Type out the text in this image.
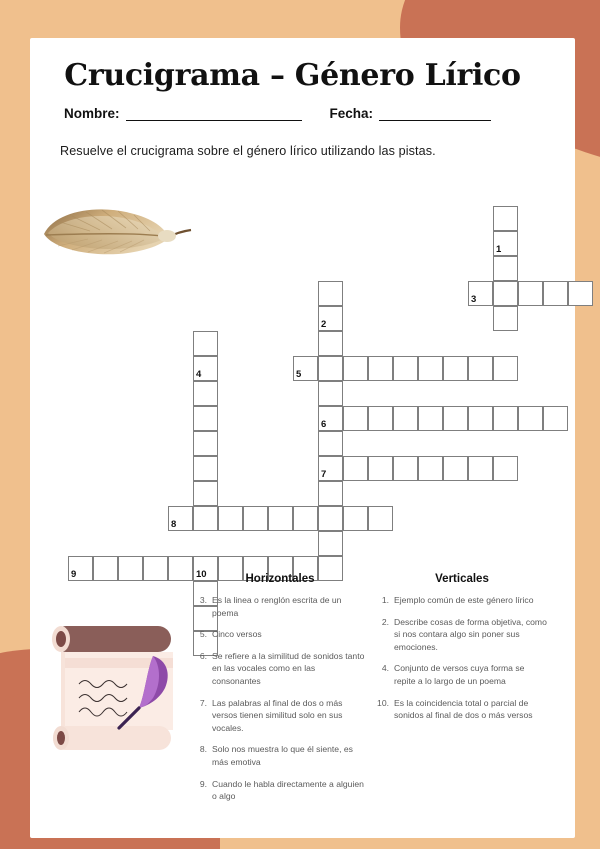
Crucigrama – Género Lírico
Nombre:	Fecha:
Resuelve el crucigrama sobre el género lírico utilizando las pistas.
1
3
2
5
4
6
7
8
9	10	Horizontales
3. Es la linea o renglón escrita de un poema
5. Cinco versos
6. Se refiere a la similitud de sonidos tanto en las vocales como en las consonantes
7. Las palabras al final de dos o más versos tienen similitud solo en sus vocales.
8. Solo nos muestra lo que él siente, es más emotiva
9. Cuando le habla directamente a alguien o algo
Verticales
1. Ejemplo común de este género lírico
2. Describe cosas de forma objetiva, como si nos contara algo sin poner sus emociones.
4. Conjunto de versos cuya forma se repite a lo largo de un poema
10. Es la coincidencia total o parcial de sonidos al final de dos o más versos
